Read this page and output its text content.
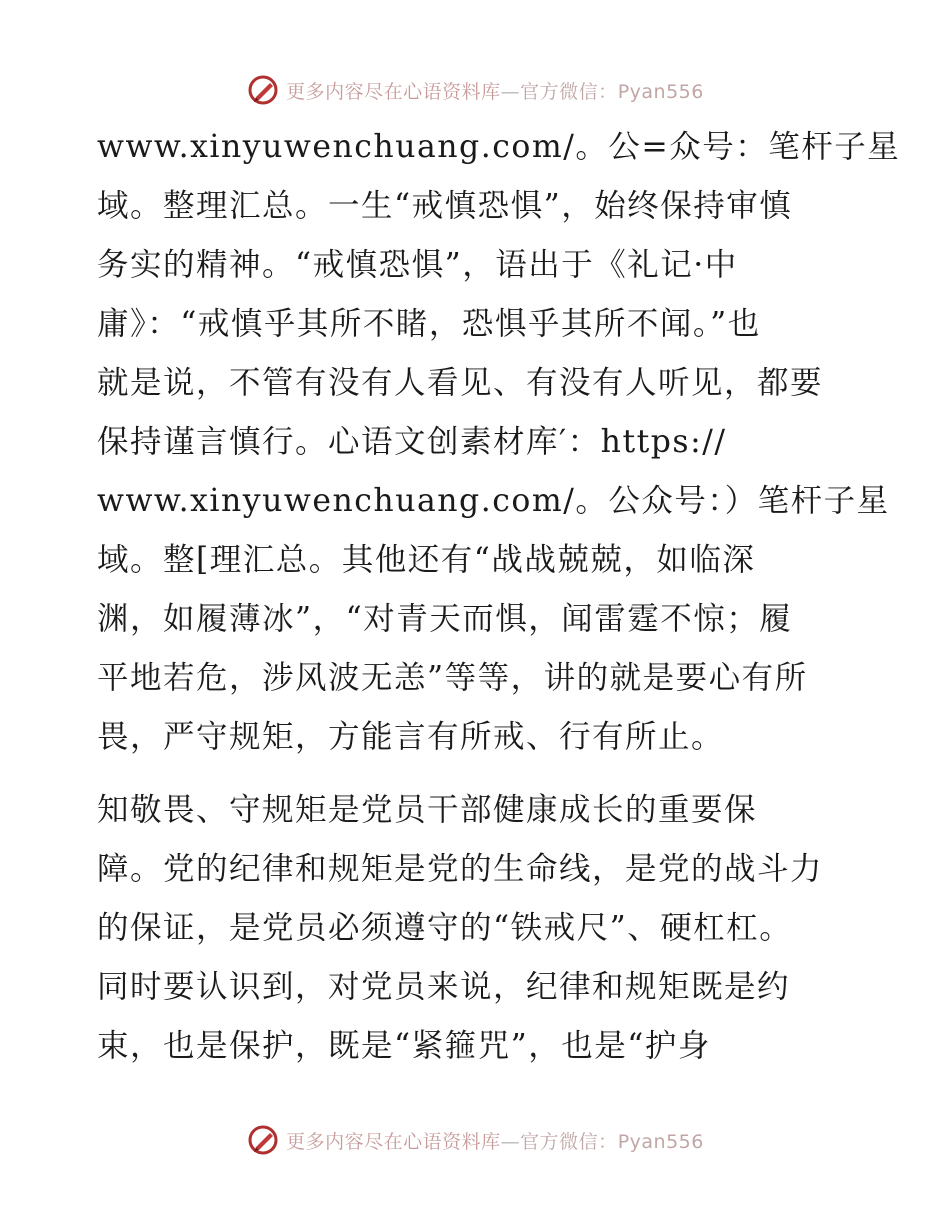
更多内容尽在心语资料库—官方微信：Pyan556

www.xinyuwenchuang.com/。公=众号：笔杆子星
域。整理汇总。一生“戒慎恐惧”，始终保持审慎
务实的精神。“戒慎恐惧”，语出于《礼记·中
庸》：“戒慎乎其所不睹，恐惧乎其所不闻。”也
就是说，不管有没有人看见、有没有人听见，都要
保持谨言慎行。心语文创素材库′：https://
www.xinyuwenchuang.com/。公众号：）笔杆子星
域。整[理汇总。其他还有“战战兢兢，如临深
渊，如履薄冰”，“对青天而惧，闻雷霆不惊；履
平地若危，涉风波无恙”等等，讲的就是要心有所
畏，严守规矩，方能言有所戒、行有所止。

知敬畏、守规矩是党员干部健康成长的重要保
障。党的纪律和规矩是党的生命线，是党的战斗力
的保证，是党员必须遵守的“铁戒尺”、硬杠杠。
同时要认识到，对党员来说，纪律和规矩既是约
束，也是保护，既是“紧箍咒”，也是“护身

更多内容尽在心语资料库—官方微信：Pyan556
